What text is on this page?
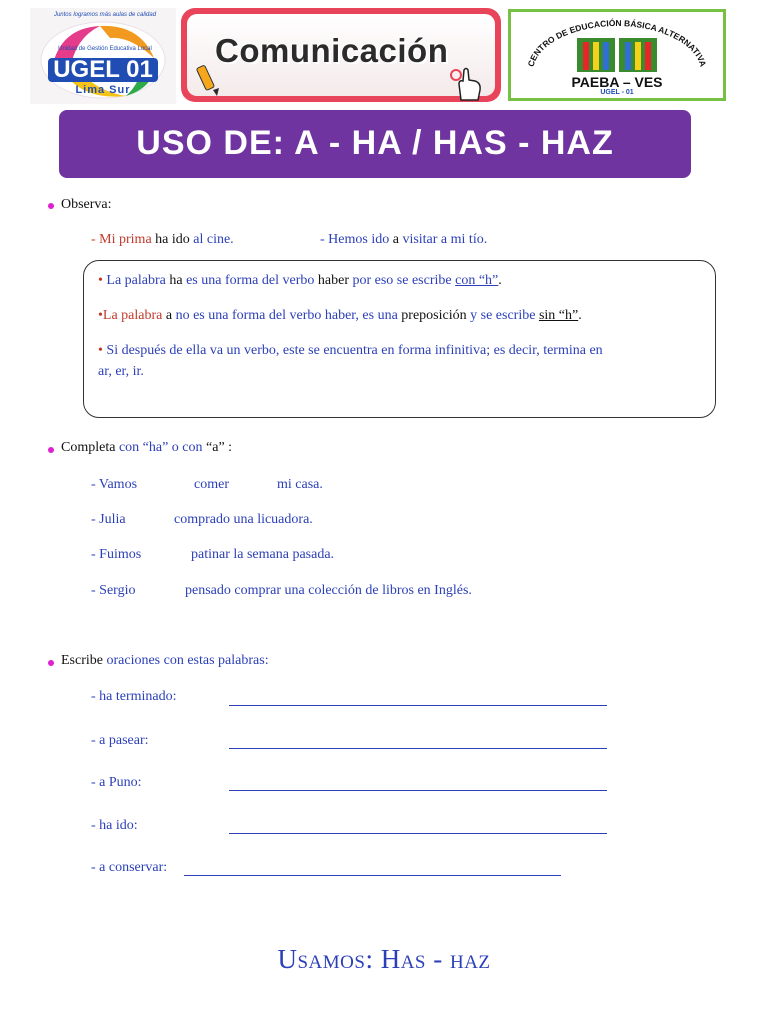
Juntos logramos más aulas de calidad
Unidad de Gestión Educativa Local
UGEL 01
Lima Sur
Comunicación	CENTRO DE EDUCACIÓN BÁSICA ALTERNATIVA
PAEBA – VES
UGEL - 01
USO DE: A - HA / HAS - HAZ
Observa:
- Mi prima ha ido al cine.	- Hemos ido a visitar a mi tío.
• La palabra ha es una forma del verbo haber por eso se escribe con “h”.
•La palabra a no es una forma del verbo haber, es una preposición y se escribe sin “h”.
• Si después de ella va un verbo, este se encuentra en forma infinitiva; es decir, termina en
ar, er, ir.
Completa con “ha” o con “a” :
- Vamos	comer	mi casa.
- Julia	comprado una licuadora.
- Fuimos	patinar la semana pasada.
- Sergio	pensado comprar una colección de libros en Inglés.
Escribe oraciones con estas palabras:
- ha terminado:
- a pasear:
- a Puno:
- ha ido:
- a conservar:
Usamos: Has - haz
